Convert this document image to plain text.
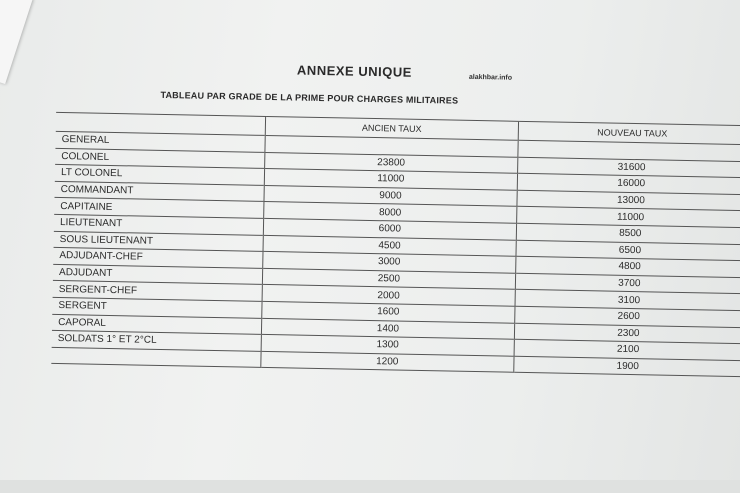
ANNEXE UNIQUE	alakhbar.info
TABLEAU PAR GRADE DE LA PRIME POUR CHARGES MILITAIRES
	ANCIEN TAUX	NOUVEAU TAUX
GENERAL		
COLONEL	23800	31600
LT COLONEL	11000	16000
COMMANDANT	9000	13000
CAPITAINE	8000	11000
LIEUTENANT	6000	8500
SOUS LIEUTENANT	4500	6500
ADJUDANT-CHEF	3000	4800
ADJUDANT	2500	3700
SERGENT-CHEF	2000	3100
SERGENT	1600	2600
CAPORAL	1400	2300
SOLDATS 1° ET 2°CL	1300	2100
	1200	1900
